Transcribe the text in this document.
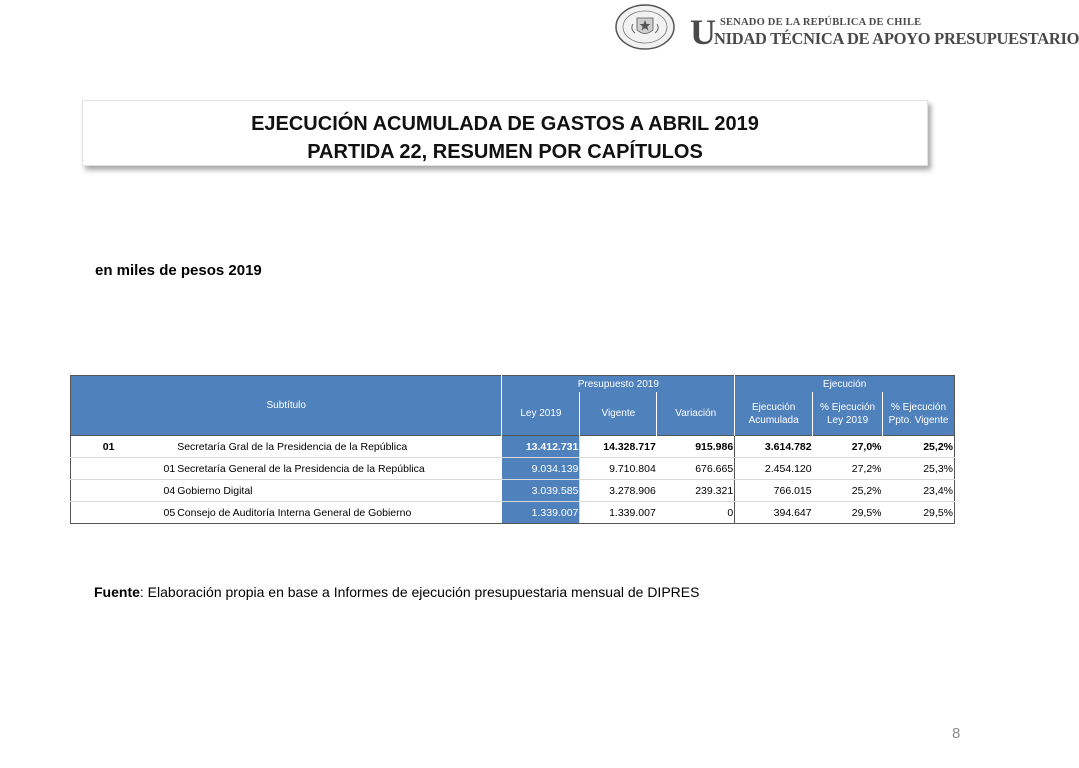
U SENADO DE LA REPÚBLICA DE CHILE
NIDAD TÉCNICA DE APOYO PRESUPUESTARIO
EJECUCIÓN ACUMULADA DE GASTOS A ABRIL 2019
PARTIDA 22, RESUMEN POR CAPÍTULOS
en miles de pesos 2019
Subtítulo			Presupuesto 2019			Ejecución		
			Ley 2019	Vigente	Variación	Ejecución Acumulada	% Ejecución Ley 2019	% Ejecución Ppto. Vigente
01		Secretaría Gral de la Presidencia de la República	13.412.731	14.328.717	915.986	3.614.782	27,0%	25,2%
	01	Secretaría General de la Presidencia de la República	9.034.139	9.710.804	676.665	2.454.120	27,2%	25,3%
	04	Gobierno Digital	3.039.585	3.278.906	239.321	766.015	25,2%	23,4%
	05	Consejo de Auditoría Interna General de Gobierno	1.339.007	1.339.007	0	394.647	29,5%	29,5%
Fuente: Elaboración propia en base a Informes de ejecución presupuestaria mensual de DIPRES
8
